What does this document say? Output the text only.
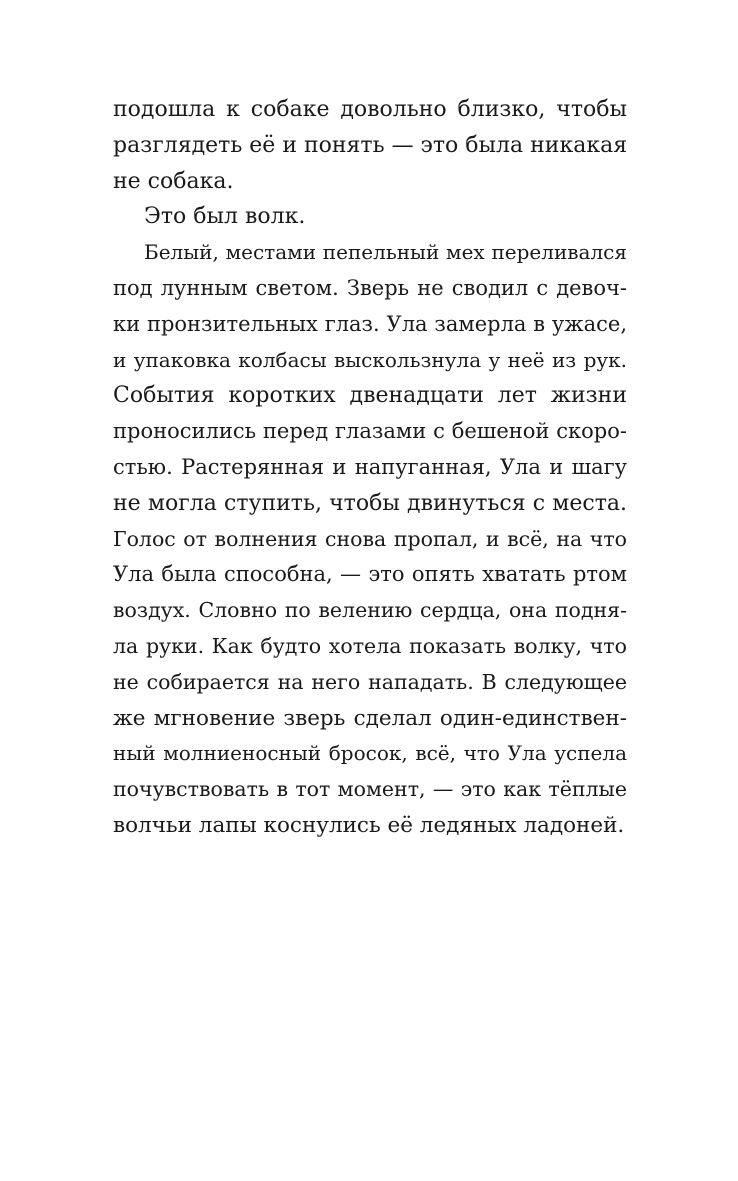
подошла к собаке довольно близко, чтобы
разглядеть её и понять — это была никакая
не собака.
Это был волк.
Белый, местами пепельный мех переливался
под лунным светом. Зверь не сводил с девоч-
ки пронзительных глаз. Ула замерла в ужасе,
и упаковка колбасы выскользнула у неё из рук.
События коротких двенадцати лет жизни
проносились перед глазами с бешеной скоро-
стью. Растерянная и напуганная, Ула и шагу
не могла ступить, чтобы двинуться с места.
Голос от волнения снова пропал, и всё, на что
Ула была способна, — это опять хватать ртом
воздух. Словно по велению сердца, она подня-
ла руки. Как будто хотела показать волку, что
не собирается на него нападать. В следующее
же мгновение зверь сделал один-единствен-
ный молниеносный бросок, всё, что Ула успела
почувствовать в тот момент, — это как тёплые
волчьи лапы коснулись её ледяных ладоней.
